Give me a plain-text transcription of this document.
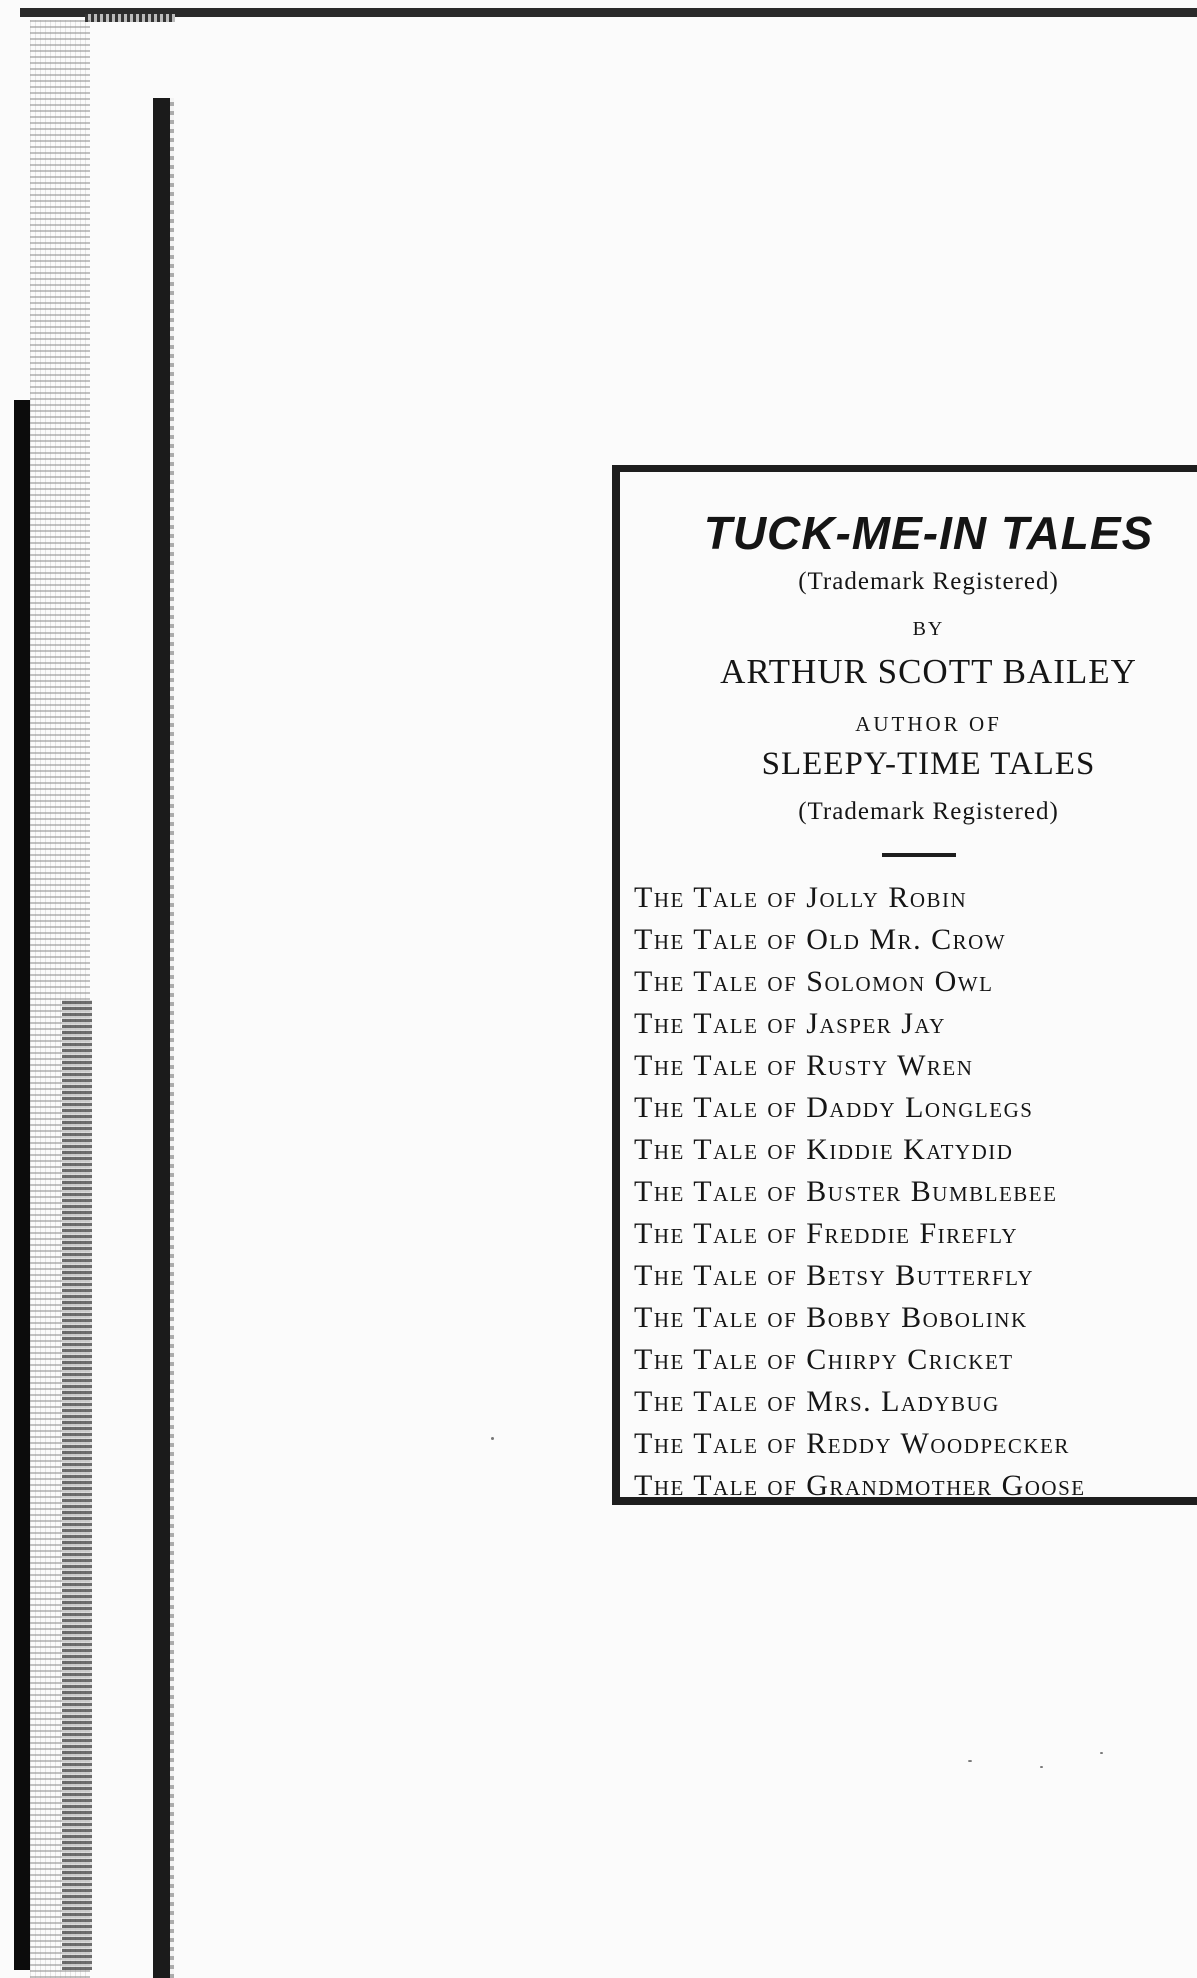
TUCK-ME-IN TALES
(Trademark Registered)
BY
ARTHUR SCOTT BAILEY
AUTHOR OF
SLEEPY-TIME TALES
(Trademark Registered)
The Tale of Jolly Robin
The Tale of Old Mr. Crow
The Tale of Solomon Owl
The Tale of Jasper Jay
The Tale of Rusty Wren
The Tale of Daddy Longlegs
The Tale of Kiddie Katydid
The Tale of Buster Bumblebee
The Tale of Freddie Firefly
The Tale of Betsy Butterfly
The Tale of Bobby Bobolink
The Tale of Chirpy Cricket
The Tale of Mrs. Ladybug
The Tale of Reddy Woodpecker
The Tale of Grandmother Goose
